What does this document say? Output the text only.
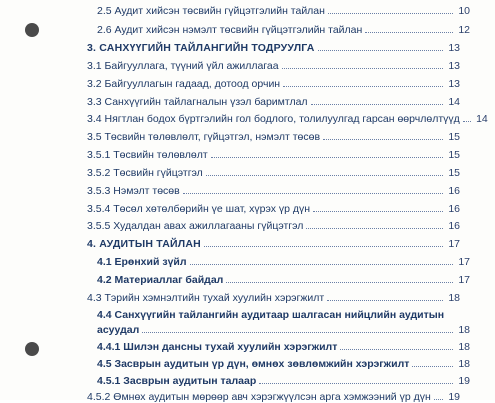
2.5 Аудит хийсэн төсвийн гүйцэтгэлийн тайлан	10
2.6 Аудит хийсэн нэмэлт төсвийн гүйцэтгэлийн тайлан	12
3. САНХҮҮГИЙН ТАЙЛАНГИЙН ТОДРУУЛГА	13
3.1 Байгууллага, түүний үйл ажиллагаа	13
3.2 Байгууллагын гадаад, дотоод орчин	13
3.3 Санхүүгийн тайлагналын үзэл баримтлал	14
3.4 Нягтлан бодох бүртгэлийн гол бодлого, толилуулгад гарсан өөрчлөлтүүд 14
3.5 Төсвийн төлөвлөлт, гүйцэтгэл, нэмэлт төсөв	15
3.5.1 Төсвийн төлөвлөлт	15
3.5.2 Төсвийн гүйцэтгэл	15
3.5.3 Нэмэлт төсөв	16
3.5.4 Төсөл хөтөлбөрийн үе шат, хүрэх үр дүн	16
3.5.5 Худалдан авах ажиллагааны гүйцэтгэл	16
4. АУДИТЫН ТАЙЛАН	17
4.1 Ерөнхий зүйл	17
4.2 Материаллаг байдал	17
4.3 Тэрийн хэмнэлтийн тухай хуулийн хэрэгжилт	18
4.4 Санхүүгийн тайлангийн аудитаар шалгасан нийцлийн аудитын
асуудал	18
4.4.1 Шилэн дансны тухай хуулийн хэрэгжилт	18
4.5 Засврын аудитын үр дүн, өмнөх зөвлөмжийн хэрэгжилт	18
4.5.1 Засврын аудитын талаар	19
4.5.2 Өмнөх аудитын мөрөөр авч хэрэгжүүлсэн арга хэмжээний үр дүн 19
